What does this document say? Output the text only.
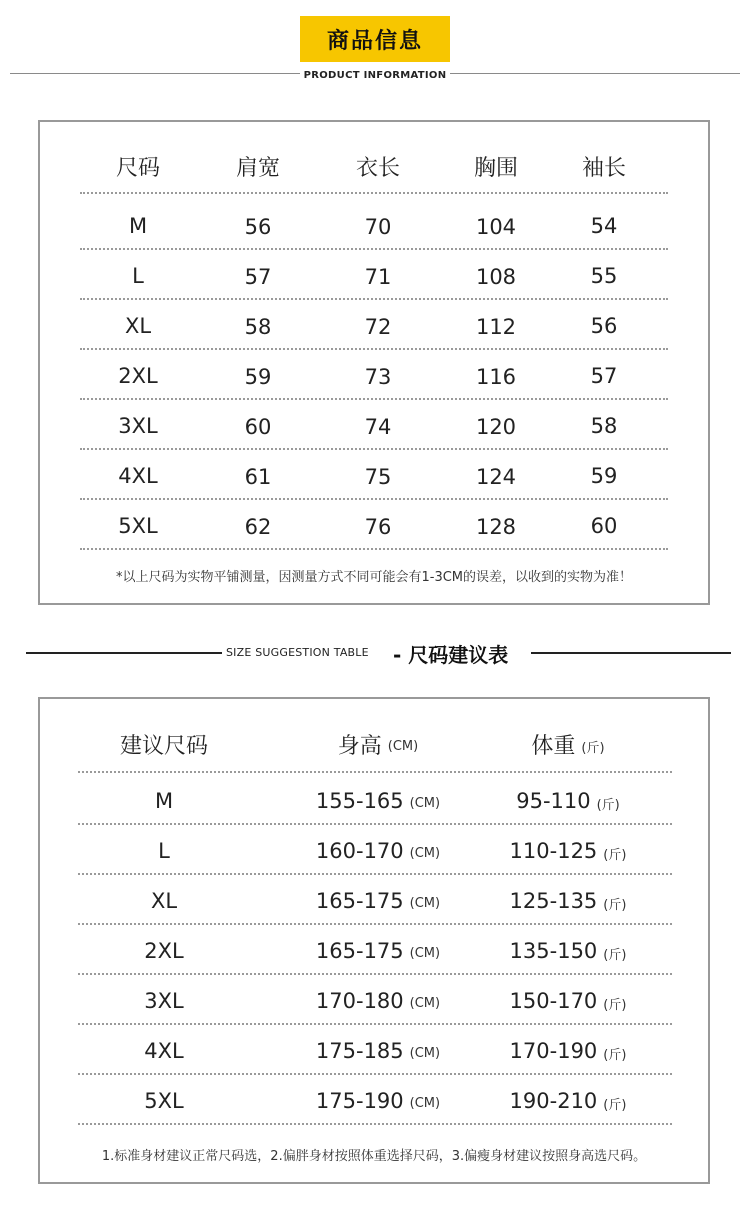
商品信息
PRODUCT INFORMATION
*以上尺码为实物平铺测量，因测量方式不同可能会有1-3CM的误差，以收到的实物为准！
尺码	肩宽	衣长	胸围	袖长
M	56	70	104	54
L	57	71	108	55
XL	58	72	112	56
2XL	59	73	116	57
3XL	60	74	120	58
4XL	61	75	124	59
5XL	62	76	128	60
SIZE SUGGESTION TABLE - 尺码建议表
1.标准身材建议正常尺码选，2.偏胖身材按照体重选择尺码，3.偏瘦身材建议按照身高选尺码。
建议尺码	身高 (CM)	体重 (斤)
M	155-165 (CM)	95-110 (斤)
L	160-170 (CM)	110-125 (斤)
XL	165-175 (CM)	125-135 (斤)
2XL	165-175 (CM)	135-150 (斤)
3XL	170-180 (CM)	150-170 (斤)
4XL	175-185 (CM)	170-190 (斤)
5XL	175-190 (CM)	190-210 (斤)
